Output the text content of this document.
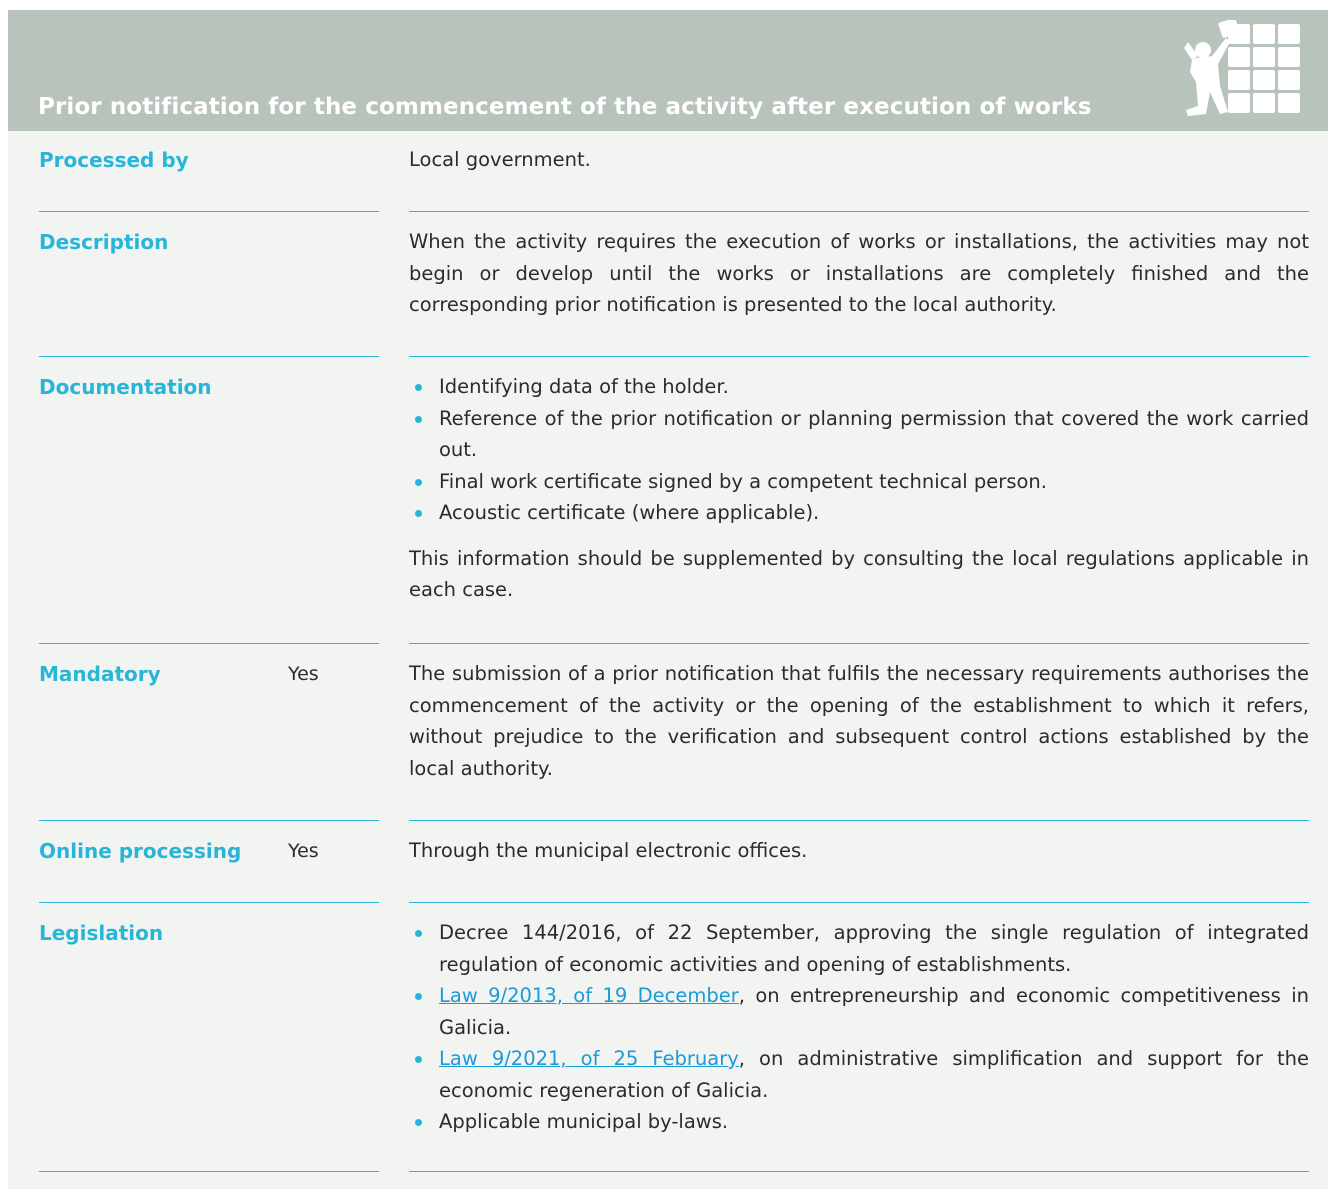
Prior notification for the commencement of the activity after execution of works
Processed by	Local government.

Description	When the activity requires the execution of works or installations, the activities may not begin or develop until the works or installations are completely finished and the corresponding prior notification is presented to the local authority.

Documentation	Identifying data of the holder.
Reference of the prior notification or planning permission that covered the work carried out.
Final work certificate signed by a competent technical person.
Acoustic certificate (where applicable).

This information should be supplemented by consulting the local regulations applicable in each case.

Mandatory	Yes	The submission of a prior notification that fulfils the necessary requirements authorises the commencement of the activity or the opening of the establishment to which it refers, without prejudice to the verification and subsequent control actions established by the local authority.

Online processing Yes	Through the municipal electronic offices.

Legislation	Decree 144/2016, of 22 September, approving the single regulation of integrated regulation of economic activities and opening of establishments.
Law 9/2013, of 19 December, on entrepreneurship and economic competitiveness in Galicia.
Law 9/2021, of 25 February, on administrative simplification and support for the economic regeneration of Galicia.
Applicable municipal by-laws.
